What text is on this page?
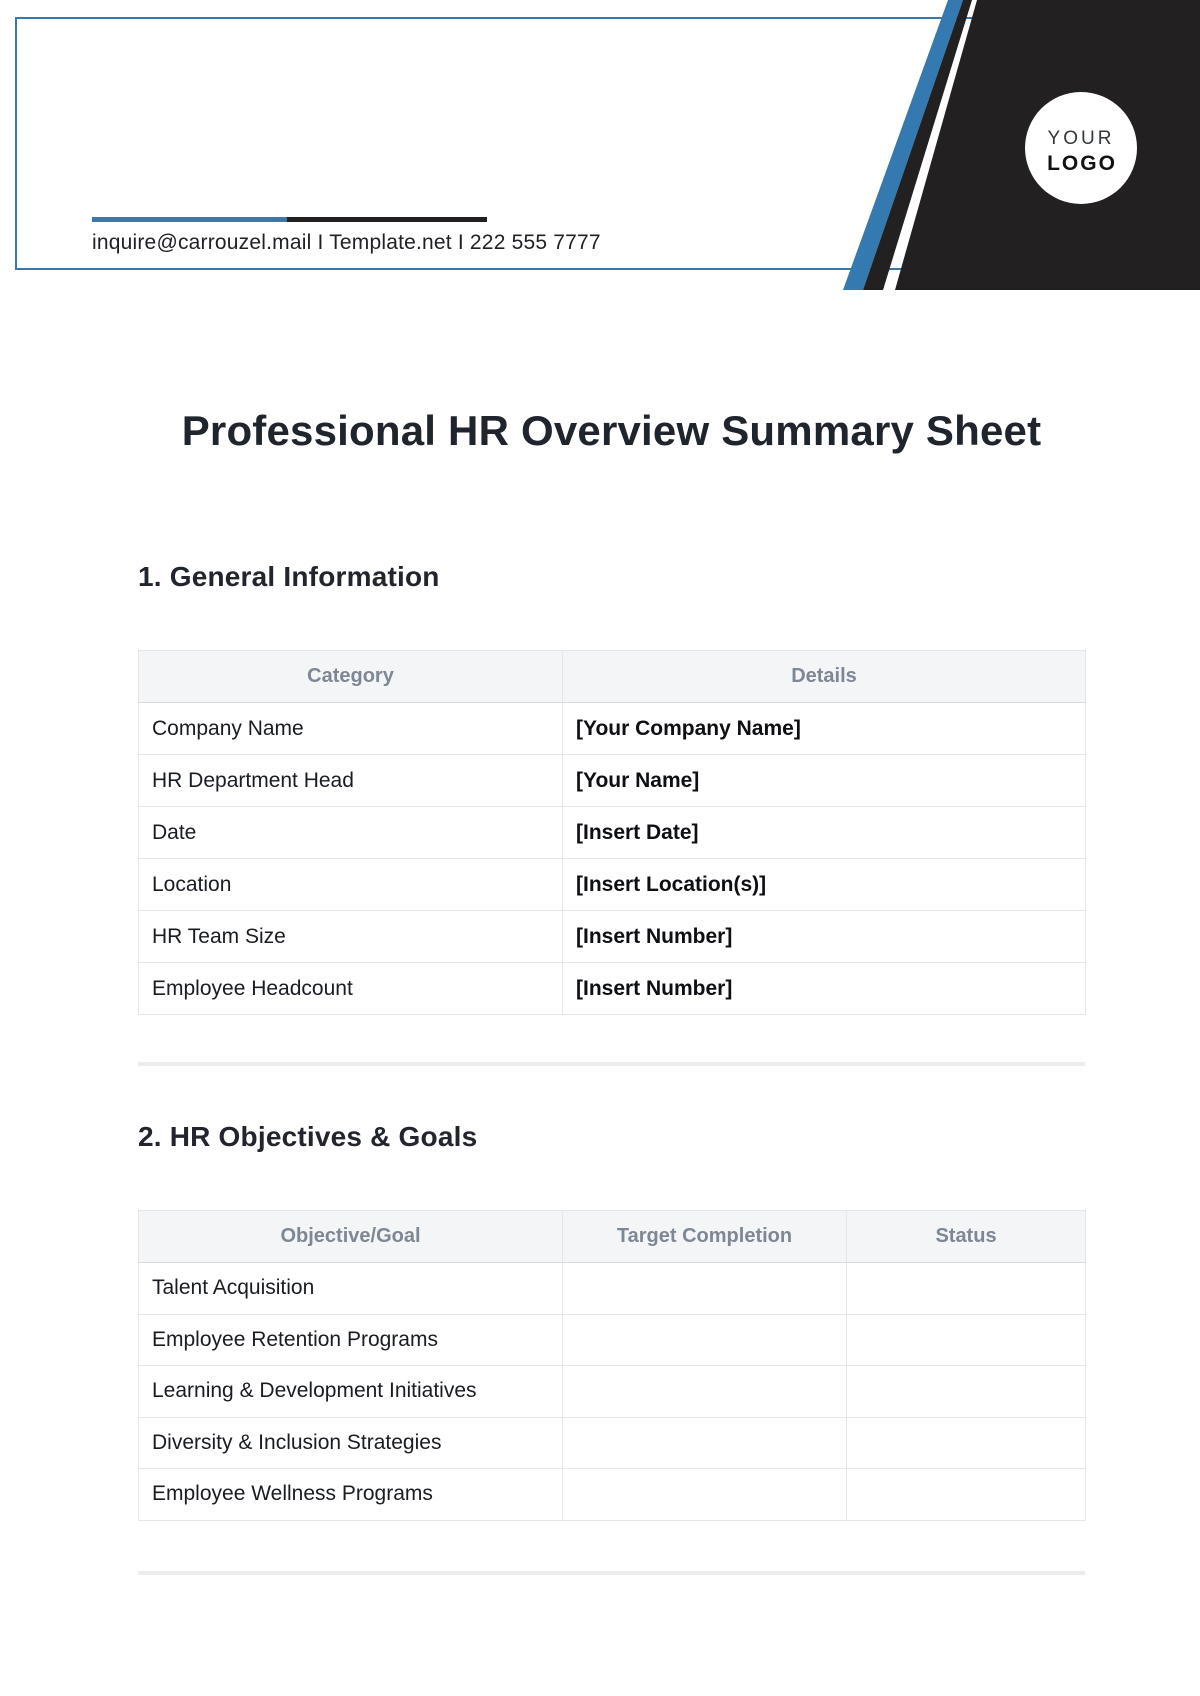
inquire@carrouzel.mail I Template.net I 222 555 7777
YOUR
LOGO
Professional HR Overview Summary Sheet
1. General Information
Category	Details
Company Name	[Your Company Name]
HR Department Head	[Your Name]
Date	[Insert Date]
Location	[Insert Location(s)]
HR Team Size	[Insert Number]
Employee Headcount	[Insert Number]
2. HR Objectives & Goals
Objective/Goal	Target Completion	Status
Talent Acquisition		
Employee Retention Programs		
Learning & Development Initiatives		
Diversity & Inclusion Strategies		
Employee Wellness Programs		
